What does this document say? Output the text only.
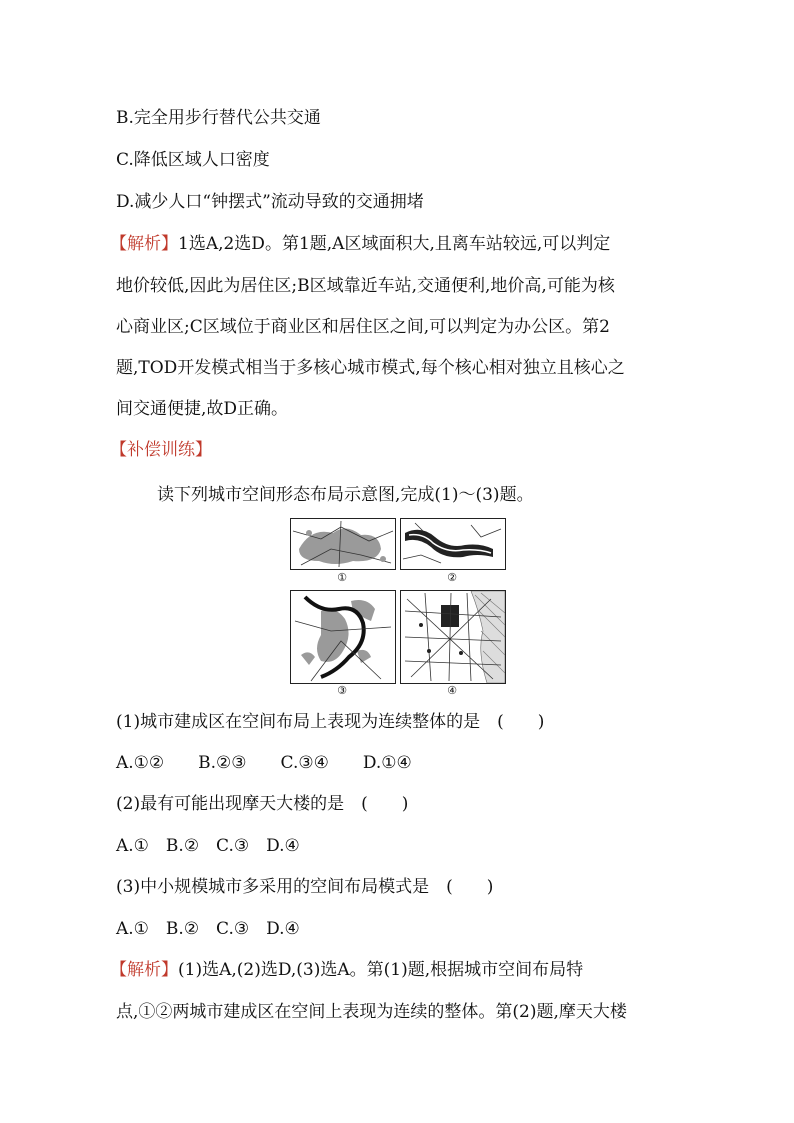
B.完全用步行替代公共交通
C.降低区域人口密度
D.减少人口“钟摆式”流动导致的交通拥堵
【解析】1选A,2选D。第1题,A区域面积大,且离车站较远,可以判定
地价较低,因此为居住区;B区域靠近车站,交通便利,地价高,可能为核
心商业区;C区域位于商业区和居住区之间,可以判定为办公区。第2
题,TOD开发模式相当于多核心城市模式,每个核心相对独立且核心之
间交通便捷,故D正确。
【补偿训练】
读下列城市空间形态布局示意图,完成(1)～(3)题。
①	②
③	④
(1)城市建成区在空间布局上表现为连续整体的是　(　　)
A.①②　　B.②③　　C.③④　　D.①④
(2)最有可能出现摩天大楼的是　(　　)
A.①　B.②　C.③　D.④
(3)中小规模城市多采用的空间布局模式是　(　　)
A.①　B.②　C.③　D.④
【解析】(1)选A,(2)选D,(3)选A。第(1)题,根据城市空间布局特
点,①②两城市建成区在空间上表现为连续的整体。第(2)题,摩天大楼
